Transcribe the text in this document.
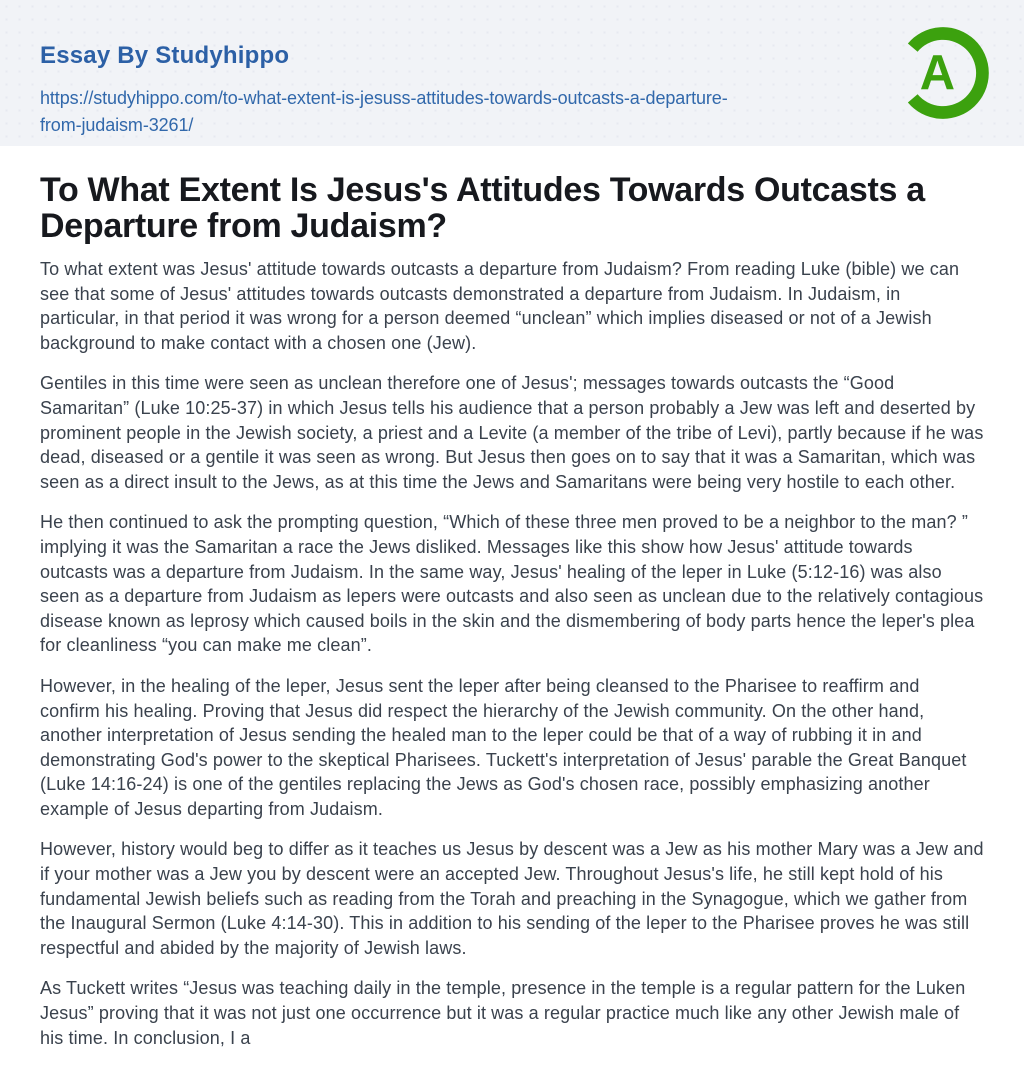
Essay By Studyhippo
https://studyhippo.com/to-what-extent-is-jesuss-attitudes-towards-outcasts-a-departure-
from-judaism-3261/
A
To What Extent Is Jesus's Attitudes Towards Outcasts a Departure from Judaism?

To what extent was Jesus' attitude towards outcasts a departure from Judaism? From reading Luke (bible) we can see that some of Jesus' attitudes towards outcasts demonstrated a departure from Judaism. In Judaism, in particular, in that period it was wrong for a person deemed “unclean” which implies diseased or not of a Jewish background to make contact with a chosen one (Jew).

Gentiles in this time were seen as unclean therefore one of Jesus'; messages towards outcasts the “Good Samaritan” (Luke 10:25-37) in which Jesus tells his audience that a person probably a Jew was left and deserted by prominent people in the Jewish society, a priest and a Levite (a member of the tribe of Levi), partly because if he was dead, diseased or a gentile it was seen as wrong. But Jesus then goes on to say that it was a Samaritan, which was seen as a direct insult to the Jews, as at this time the Jews and Samaritans were being very hostile to each other.

He then continued to ask the prompting question, “Which of these three men proved to be a neighbor to the man? ” implying it was the Samaritan a race the Jews disliked. Messages like this show how Jesus' attitude towards outcasts was a departure from Judaism. In the same way, Jesus' healing of the leper in Luke (5:12-16) was also seen as a departure from Judaism as lepers were outcasts and also seen as unclean due to the relatively contagious disease known as leprosy which caused boils in the skin and the dismembering of body parts hence the leper's plea for cleanliness “you can make me clean”.

However, in the healing of the leper, Jesus sent the leper after being cleansed to the Pharisee to reaffirm and confirm his healing. Proving that Jesus did respect the hierarchy of the Jewish community. On the other hand, another interpretation of Jesus sending the healed man to the leper could be that of a way of rubbing it in and demonstrating God's power to the skeptical Pharisees. Tuckett's interpretation of Jesus' parable the Great Banquet (Luke 14:16-24) is one of the gentiles replacing the Jews as God's chosen race, possibly emphasizing another example of Jesus departing from Judaism.

However, history would beg to differ as it teaches us Jesus by descent was a Jew as his mother Mary was a Jew and if your mother was a Jew you by descent were an accepted Jew. Throughout Jesus's life, he still kept hold of his fundamental Jewish beliefs such as reading from the Torah and preaching in the Synagogue, which we gather from the Inaugural Sermon (Luke 4:14-30). This in addition to his sending of the leper to the Pharisee proves he was still respectful and abided by the majority of Jewish laws.

As Tuckett writes “Jesus was teaching daily in the temple, presence in the temple is a regular pattern for the Luken Jesus” proving that it was not just one occurrence but it was a regular practice much like any other Jewish male of his time. In conclusion, I a
